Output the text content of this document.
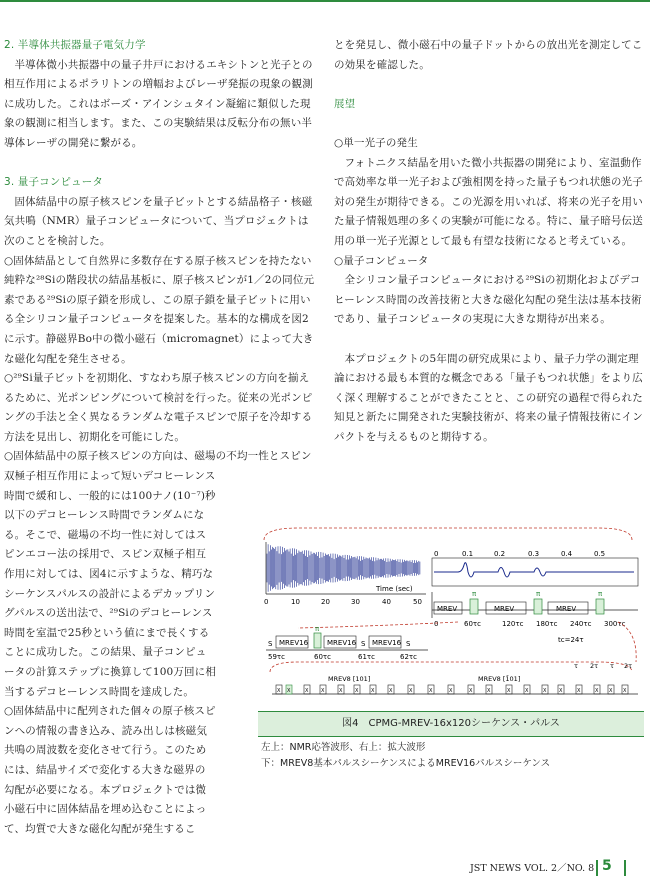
2. 半導体共振器量子電気力学
半導体微小共振器中の量子井戸におけるエキシトンと光子との相互作用によるポラリトンの増幅およびレーザ発振の現象の観測に成功した。これはボーズ・アインシュタイン凝縮に類似した現象の観測に相当します。また、この実験結果は反転分布の無い半導体レーザの開発に繋がる。
3. 量子コンピュータ
固体結晶中の原子核スピンを量子ビットとする結晶格子・核磁気共鳴（NMR）量子コンピュータについて、当プロジェクトは次のことを検討した。
○固体結晶として自然界に多数存在する原子核スピンを持たない純粋な²⁸Siの階段状の結晶基板に、原子核スピンが1／2の同位元素である²⁹Siの原子鎖を形成し、この原子鎖を量子ビットに用いる全シリコン量子コンピュータを提案した。基本的な構成を図2に示す。静磁界Bo中の微小磁石（micromagnet）によって大きな磁化勾配を発生させる。
○²⁹Si量子ビットを初期化、すなわち原子核スピンの方向を揃えるために、光ポンピングについて検討を行った。従来の光ポンピングの手法と全く異なるランダムな電子スピンで原子を冷却する方法を見出し、初期化を可能にした。
○固体結晶中の原子核スピンの方向は、磁場の不均一性とスピン
双極子相互作用によって短いデコヒーレンス時間で緩和し、一般的には100ナノ(10⁻⁷)秒以下のデコヒーレンス時間でランダムになる。そこで、磁場の不均一性に対してはスピンエコー法の採用で、スピン双極子相互作用に対しては、図4に示すような、精巧なシーケンスパルスの設計によるデカップリングパルスの送出法で、²⁹Siのデコヒーレンス時間を室温で25秒という値にまで長くすることに成功した。この結果、量子コンピュータの計算ステップに換算して100万回に相当するデコヒーレンス時間を達成した。
○固体結晶中に配列された個々の原子核スピンへの情報の書き込み、読み出しは核磁気共鳴の周波数を変化させて行う。このためには、結晶サイズで変化する大きな磁界の勾配が必要になる。本プロジェクトでは微小磁石中に固体結晶を埋め込むことによって、均質で大きな磁化勾配が発生するこ
とを発見し、微小磁石中の量子ドットからの放出光を測定してこの効果を確認した。
展望
○単一光子の発生
フォトニクス結晶を用いた微小共振器の開発により、室温動作で高効率な単一光子および強相関を持った量子もつれ状態の光子対の発生が期待できる。この光源を用いれば、将来の光子を用いた量子情報処理の多くの実験が可能になる。特に、量子暗号伝送用の単一光子光源として最も有望な技術になると考えている。
○量子コンピュータ
全シリコン量子コンピュータにおける²⁹Siの初期化およびデコヒーレンス時間の改善技術と大きな磁化勾配の発生法は基本技術であり、量子コンピュータの実現に大きな期待が出来る。
本プロジェクトの5年間の研究成果により、量子力学の測定理論における最も本質的な概念である「量子もつれ状態」をより広く深く理解することができたことと、この研究の過程で得られた知見と新たに開発された実験技術が、将来の量子情報技術にインパクトを与えるものと期待する。
Time (sec)
0	10	20	30	40	50
0	0.1	0.2	0.3	0.4	0.5
MREV
π
MREV
π
MREV
π
0	60τc	120τc 180τc 240τc 300τc
S MREV16
π
MREV16 S MREV16 S
59τc	60τc	61τc	62τc
tc=24τ
τ 2τ τ 2τ
MREV8 [101]	MREV8 [1̄01]
X X	X	X	X	X	X	X	X	X	X	X	X	X	X	X	X	X	X X X
図4　CPMG-MREV-16x120シーケンス・パルス
左上：NMR応答波形、右上：拡大波形
下：MREV8基本パルスシーケンスによるMREV16パルスシーケンス
JST NEWS VOL. 2／NO. 8 5
